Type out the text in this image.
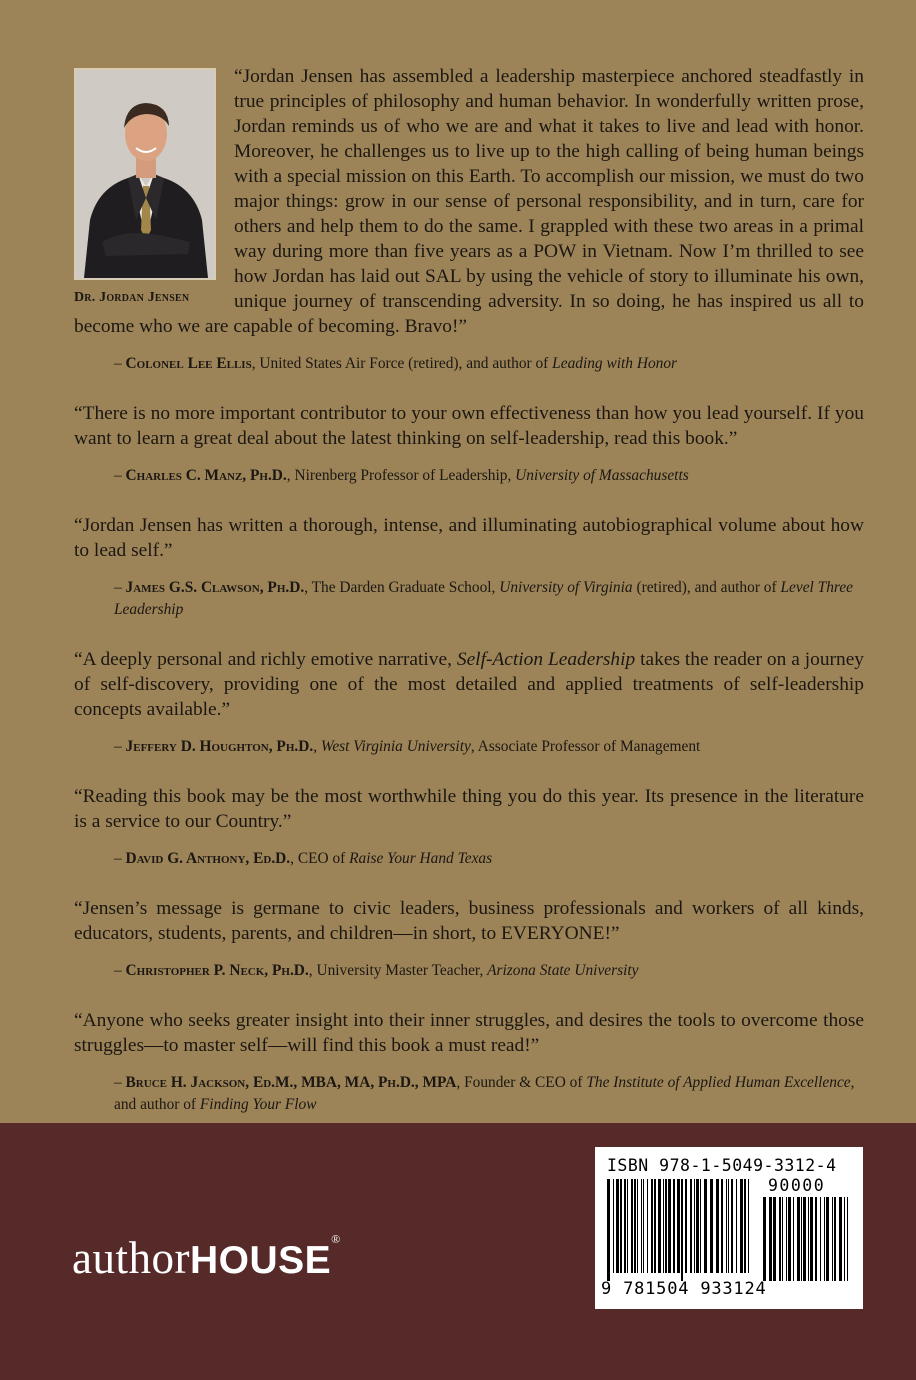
Dr. Jordan Jensen

“Jordan Jensen has assembled a leadership masterpiece anchored steadfastly in true principles of philosophy and human behavior. In wonderfully written prose, Jordan reminds us of who we are and what it takes to live and lead with honor. Moreover, he challenges us to live up to the high calling of being human beings with a special mission on this Earth. To accomplish our mission, we must do two major things: grow in our sense of personal responsibility, and in turn, care for others and help them to do the same. I grappled with these two areas in a primal way during more than five years as a POW in Vietnam. Now I’m thrilled to see how Jordan has laid out SAL by using the vehicle of story to illuminate his own, unique journey of transcending adversity. In so doing, he has inspired us all to become who we are capable of becoming. Bravo!”

– Colonel Lee Ellis, United States Air Force (retired), and author of Leading with Honor

“There is no more important contributor to your own effectiveness than how you lead yourself. If you want to learn a great deal about the latest thinking on self-leadership, read this book.”

– Charles C. Manz, Ph.D., Nirenberg Professor of Leadership, University of Massachusetts

“Jordan Jensen has written a thorough, intense, and illuminating autobiographical volume about how to lead self.”

– James G.S. Clawson, Ph.D., The Darden Graduate School, University of Virginia (retired), and author of Level Three Leadership

“A deeply personal and richly emotive narrative, Self-Action Leadership takes the reader on a journey of self-discovery, providing one of the most detailed and applied treatments of self-leadership concepts available.”

– Jeffery D. Houghton, Ph.D., West Virginia University, Associate Professor of Management

“Reading this book may be the most worthwhile thing you do this year. Its presence in the literature is a service to our Country.”

– David G. Anthony, Ed.D., CEO of Raise Your Hand Texas

“Jensen’s message is germane to civic leaders, business professionals and workers of all kinds, educators, students, parents, and children—in short, to EVERYONE!”

– Christopher P. Neck, Ph.D., University Master Teacher, Arizona State University

“Anyone who seeks greater insight into their inner struggles, and desires the tools to overcome those struggles—to master self—will find this book a must read!”

– Bruce H. Jackson, Ed.M., MBA, MA, Ph.D., MPA, Founder & CEO of The Institute of Applied Human Excellence, and author of Finding Your Flow

authorHOUSE®
ISBN 978-1-5049-3312-4
90000
9 781504 933124
